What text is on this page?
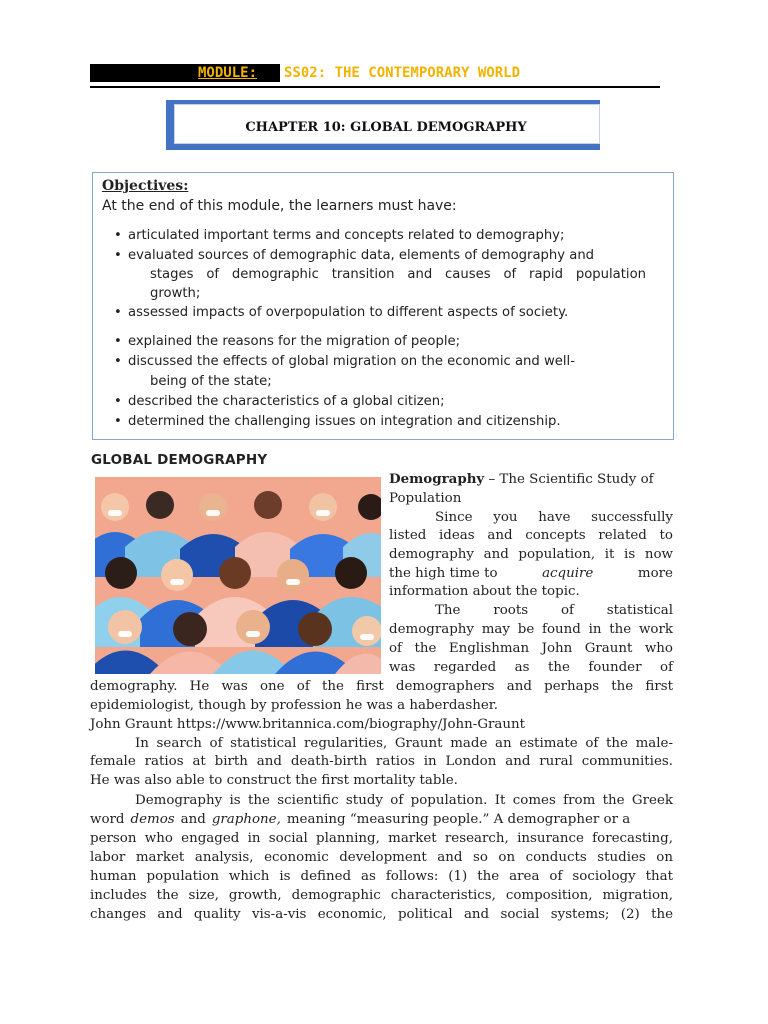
MODULE: SS02: THE CONTEMPORARY WORLD
CHAPTER 10: GLOBAL DEMOGRAPHY
Objectives:
At the end of this module, the learners must have:
• articulated important terms and concepts related to demography;
• evaluated sources of demographic data, elements of demography and
stages of demographic transition and causes of rapid population
growth;
• assessed impacts of overpopulation to different aspects of society.
• explained the reasons for the migration of people;
• discussed the effects of global migration on the economic and well-
being of the state;
• described the characteristics of a global citizen;
• determined the challenging issues on integration and citizenship.
GLOBAL DEMOGRAPHY
Demography – The Scientific Study of
Population
Since you have successfully
listed ideas and concepts related to
demography and population, it is now
the high time to	acquire	more
information about the topic.
The roots of statistical
demography may be found in the work
of the Englishman John Graunt who
was regarded as the founder of
demography. He was one of the first demographers and perhaps the first
epidemiologist, though by profession he was a haberdasher.
John Graunt https://www.britannica.com/biography/John-Graunt
In search of statistical regularities, Graunt made an estimate of the male-
female ratios at birth and death-birth ratios in London and rural communities.
He was also able to construct the first mortality table.
Demography is the scientific study of population. It comes from the Greek
word demos and graphone, meaning “measuring people.” A demographer or a
person who engaged in social planning, market research, insurance forecasting,
labor market analysis, economic development and so on conducts studies on
human population which is defined as follows: (1) the area of sociology that
includes the size, growth, demographic characteristics, composition, migration,
changes and quality vis-a-vis economic, political and social systems; (2) the
